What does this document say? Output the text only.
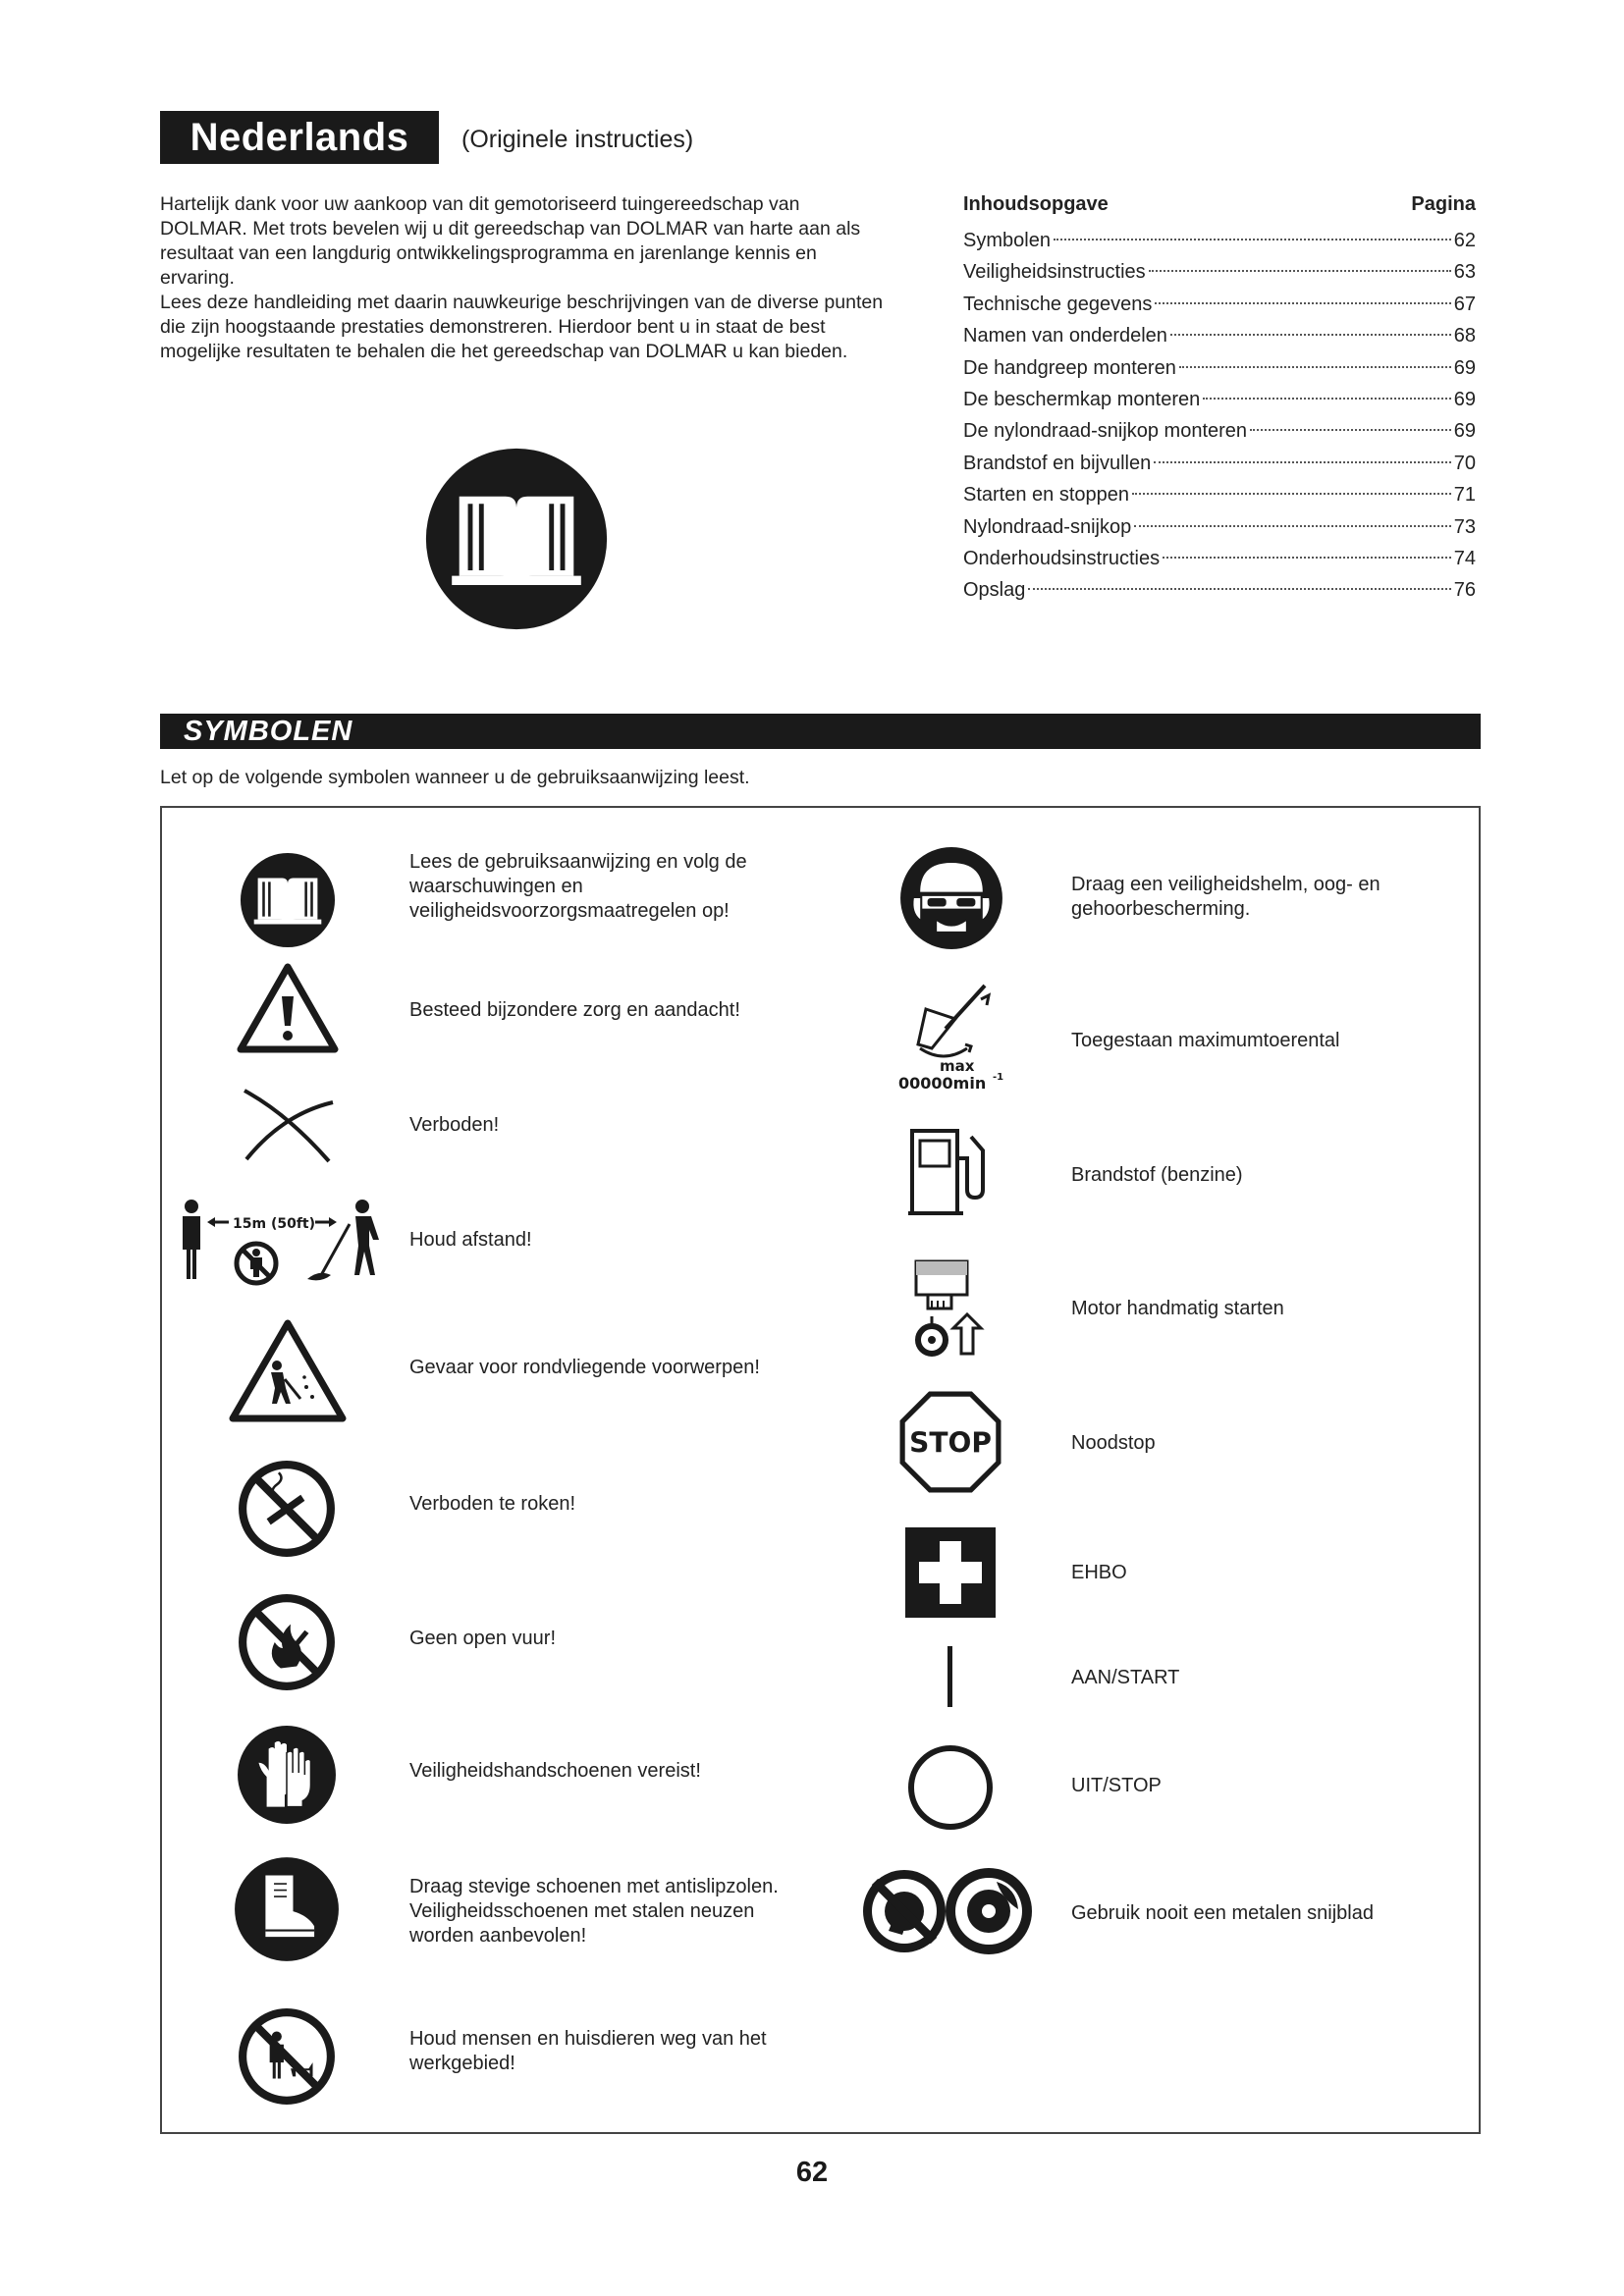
Nederlands	(Originele instructies)

Hartelijk dank voor uw aankoop van dit gemotoriseerd tuingereedschap van DOLMAR. Met trots bevelen wij u dit gereedschap van DOLMAR van harte aan als resultaat van een langdurig ontwikkelingsprogramma en jarenlange kennis en ervaring.

Lees deze handleiding met daarin nauwkeurige beschrijvingen van de diverse punten die zijn hoogstaande prestaties demonstreren. Hierdoor bent u in staat de best mogelijke resultaten te behalen die het gereedschap van DOLMAR u kan bieden.

Inhoudsopgave	Pagina
Symbolen	62
Veiligheidsinstructies	63
Technische gegevens	67
Namen van onderdelen	68
De handgreep monteren	69
De beschermkap monteren	69
De nylondraad-snijkop monteren	69
Brandstof en bijvullen	70
Starten en stoppen	71
Nylondraad-snijkop	73
Onderhoudsinstructies	74
Opslag	76
SYMBOLEN
Let op de volgende symbolen wanneer u de gebruiksaanwijzing leest.
Lees de gebruiksaanwijzing en volg de waarschuwingen en veiligheidsvoorzorgsmaatregelen op!
Besteed bijzondere zorg en aandacht!
Verboden!
15m (50ft)
Houd afstand!
Gevaar voor rondvliegende voorwerpen!
Verboden te roken!
Geen open vuur!
Veiligheidshandschoenen vereist!
Draag stevige schoenen met antislipzolen. Veiligheidsschoenen met stalen neuzen worden aanbevolen!
Houd mensen en huisdieren weg van het werkgebied!
Draag een veiligheidshelm, oog- en gehoorbescherming.
max
00000min -1
Toegestaan maximumtoerental
Brandstof (benzine)
Motor handmatig starten
STOP	Noodstop
EHBO
AAN/START
UIT/STOP
Gebruik nooit een metalen snijblad
62
